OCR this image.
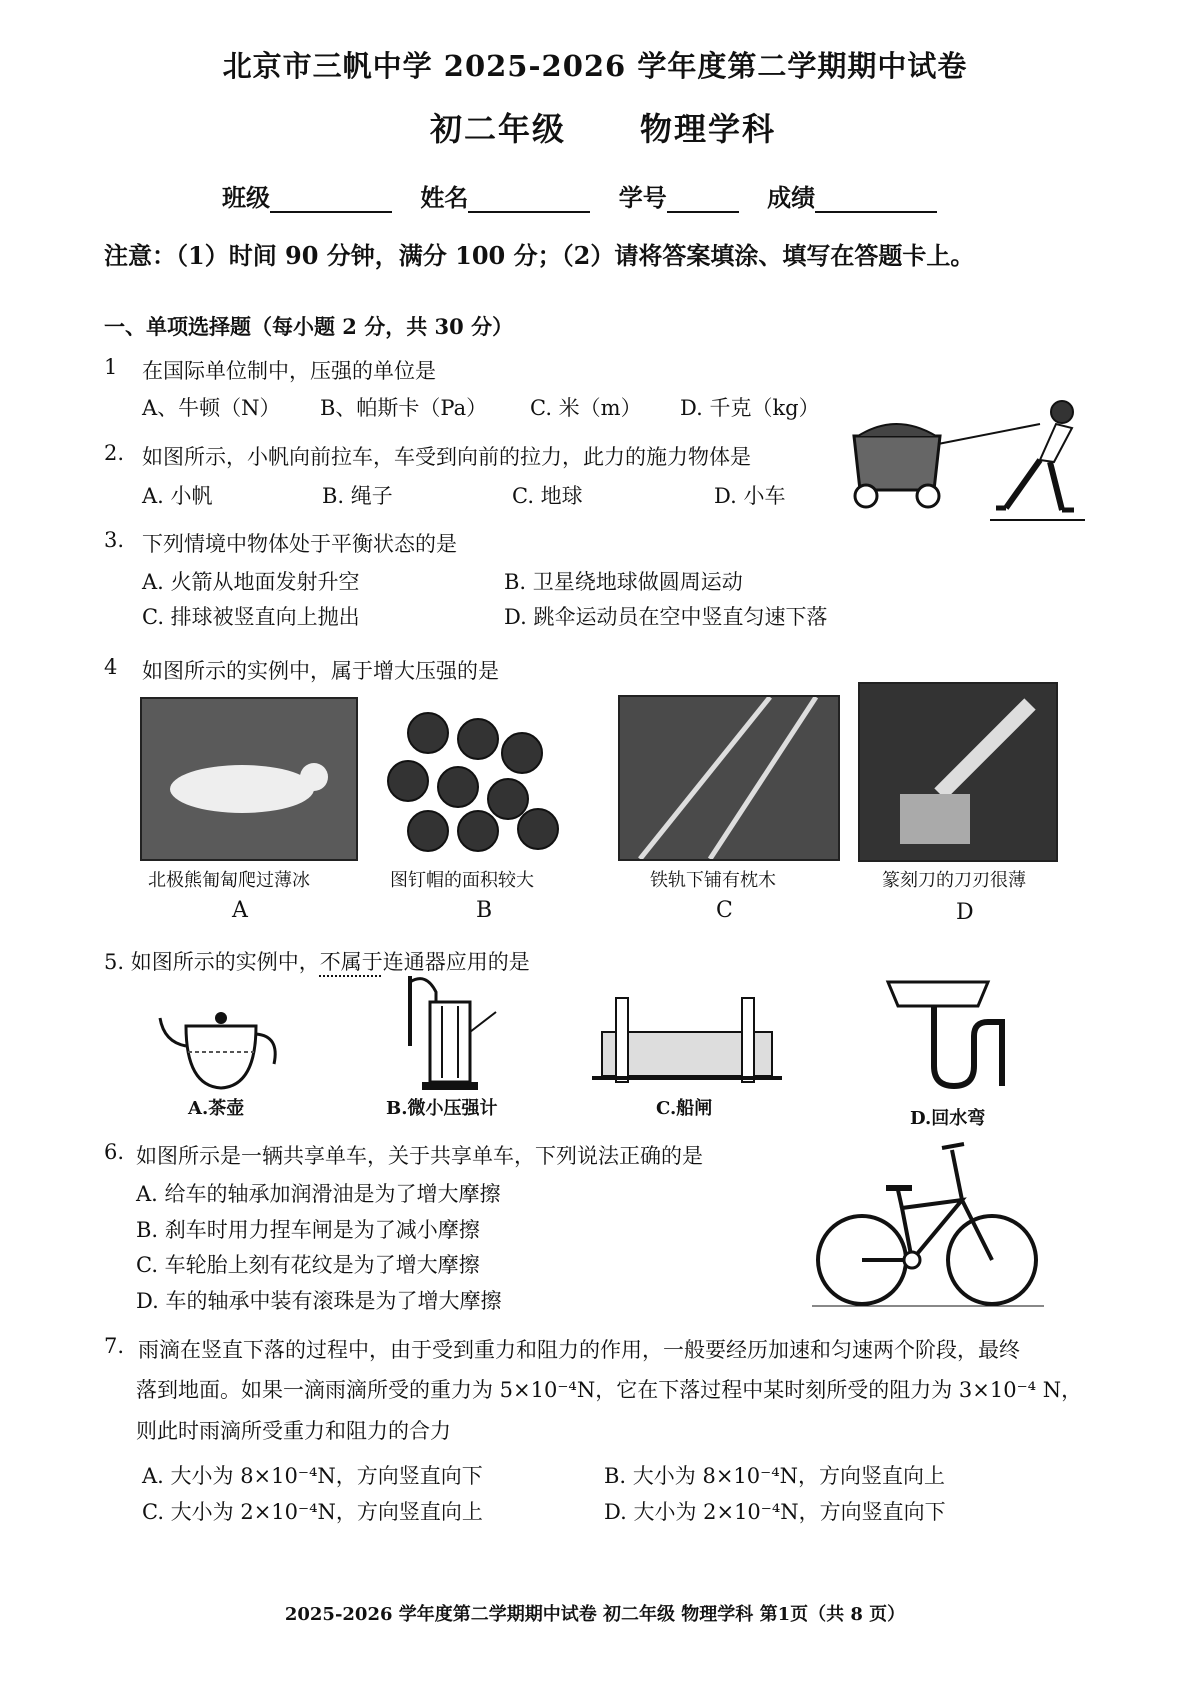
北京市三帆中学 2025-2026 学年度第二学期期中试卷
初二年级 物理学科
班级	姓名	学号	成绩
注意：（1）时间 90 分钟，满分 100 分；（2）请将答案填涂、填写在答题卡上。
一、单项选择题（每小题 2 分，共 30 分）
1 在国际单位制中，压强的单位是
A、牛顿（N） B、帕斯卡（Pa） C. 米（m） D. 千克（kg）
2. 如图所示，小帆向前拉车，车受到向前的拉力，此力的施力物体是
A. 小帆	B. 绳子	C. 地球	D. 小车
3. 下列情境中物体处于平衡状态的是
A. 火箭从地面发射升空	B. 卫星绕地球做圆周运动
C. 排球被竖直向上抛出	D. 跳伞运动员在空中竖直匀速下落
4 如图所示的实例中，属于增大压强的是
北极熊匍匐爬过薄冰	图钉帽的面积较大	铁轨下铺有枕木	篆刻刀的刀刃很薄
A	B	C	D
5. 如图所示的实例中，不属于连通器应用的是
A.茶壶	B.微小压强计	C.船闸	D.回水弯
6. 如图所示是一辆共享单车，关于共享单车，下列说法正确的是
A. 给车的轴承加润滑油是为了增大摩擦
B. 刹车时用力捏车闸是为了减小摩擦
C. 车轮胎上刻有花纹是为了增大摩擦
D. 车的轴承中装有滚珠是为了增大摩擦
7. 雨滴在竖直下落的过程中，由于受到重力和阻力的作用，一般要经历加速和匀速两个阶段，最终
落到地面。如果一滴雨滴所受的重力为 5×10⁻⁴N，它在下落过程中某时刻所受的阻力为 3×10⁻⁴ N，
则此时雨滴所受重力和阻力的合力
A. 大小为 8×10⁻⁴N，方向竖直向下	B. 大小为 8×10⁻⁴N，方向竖直向上
C. 大小为 2×10⁻⁴N，方向竖直向上	D. 大小为 2×10⁻⁴N，方向竖直向下
2025-2026 学年度第二学期期中试卷 初二年级 物理学科 第1页（共 8 页）
